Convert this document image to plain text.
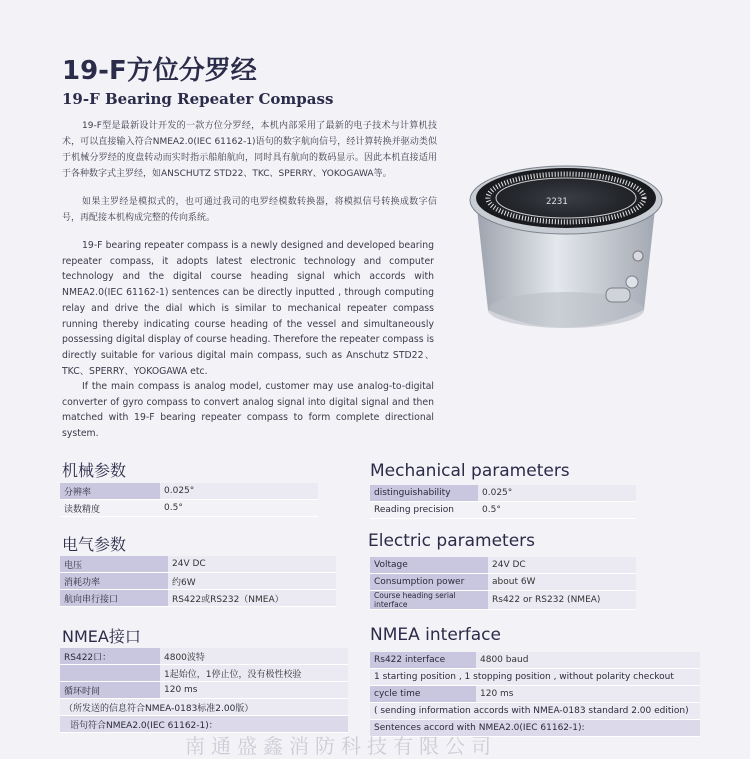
19-F方位分罗经
19-F Bearing Repeater Compass

19-F型是最新设计开发的一款方位分罗经，本机内部采用了最新的电子技术与计算机技术，可以直接输入符合NMEA2.0(IEC 61162-1)语句的数字航向信号，经计算转换并驱动类似于机械分罗经的度盘转动而实时指示船舶航向，同时具有航向的数码显示。因此本机直接适用于各种数字式主罗经，如ANSCHUTZ STD22、TKC、SPERRY、YOKOGAWA等。

如果主罗经是模拟式的，也可通过我司的电罗经模数转换器，将模拟信号转换成数字信号，再配接本机构成完整的传向系统。

19-F bearing repeater compass is a newly designed and developed bearing repeater compass, it adopts latest electronic technology and computer technology and the digital course heading signal which accords with NMEA2.0(IEC 61162-1) sentences can be directly inputted , through computing relay and drive the dial which is similar to mechanical repeater compass running thereby indicating course heading of the vessel and simultaneously possessing digital display of course heading. Therefore the repeater compass is directly suitable for various digital main compass, such as Anschutz STD22、TKC、SPERRY、YOKOGAWA etc.

If the main compass is analog model, customer may use analog-to-digital converter of gyro compass to convert analog signal into digital signal and then matched with 19-F bearing repeater compass to form complete directional system.

2231
机械参数	Mechanical parameters
分辨率	0.025°
读数精度	0.5°
distinguishability	0.025°
Reading precision	0.5°
电气参数	Electric parameters
电压	24V DC
消耗功率	约6W
航向串行接口	RS422或RS232（NMEA）
Voltage	24V DC
Consumption power	about 6W
Course heading serial interface	Rs422 or RS232 (NMEA)
NMEA接口	NMEA interface
RS422口：	4800波特
	1起始位，1停止位，没有极性校验
循环时间	120 ms
（所发送的信息符合NMEA-0183标准2.00版）	
语句符合NMEA2.0(IEC 61162-1)：	
Rs422 interface	4800 baud
1 starting position , 1 stopping position , without polarity checkout	
cycle time	120 ms
( sending information accords with NMEA-0183 standard 2.00 edition)	
Sentences accord with NMEA2.0(IEC 61162-1):	
南通盛鑫消防科技有限公司
